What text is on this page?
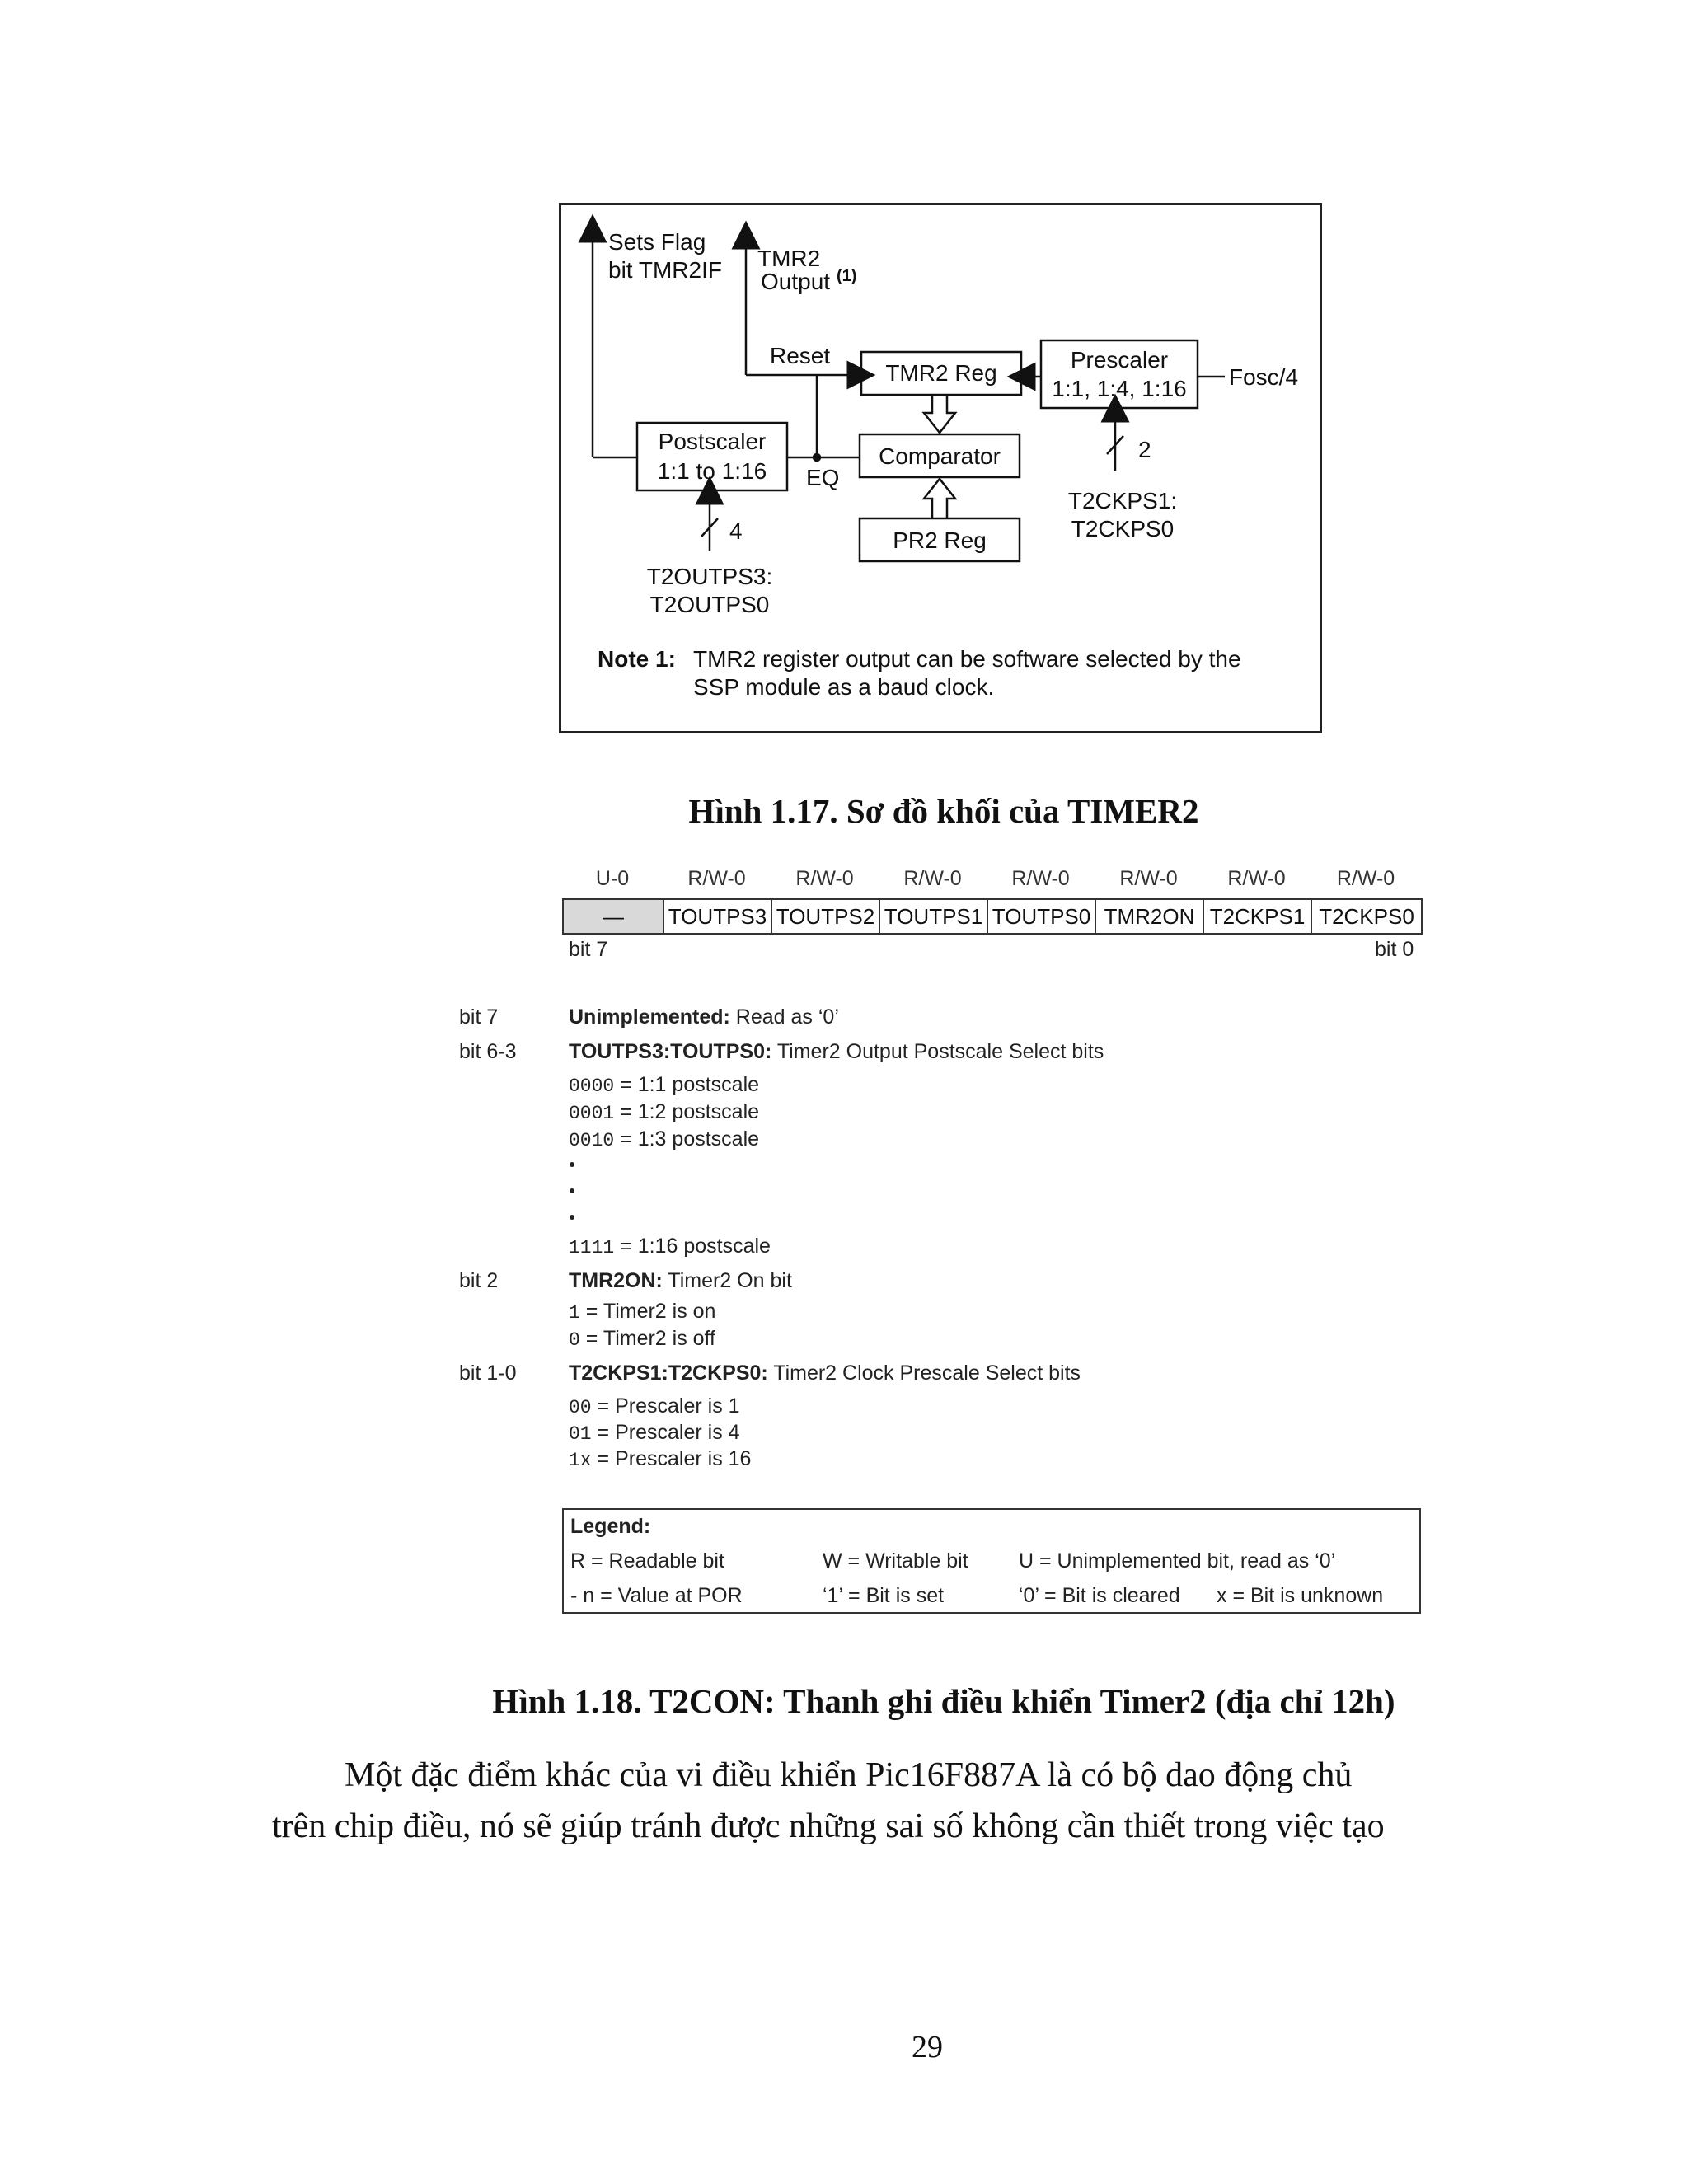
Sets Flag
bit TMR2IF TMR2
Output (1)
Reset
TMR2 Reg
Prescaler
1:1, 1:4, 1:16 Fosc/4
Postscaler
1:1 to 1:16 EQ
Comparator
PR2 Reg
2
4
T2CKPS1:
T2CKPS0
T2OUTPS3:
T2OUTPS0
Note 1: TMR2 register output can be software selected by the
SSP module as a baud clock.
Hình 1.17. Sơ đồ khối của TIMER2
U-0	R/W-0	R/W-0	R/W-0	R/W-0	R/W-0	R/W-0	R/W-0
—	TOUTPS3	TOUTPS2	TOUTPS1	TOUTPS0	TMR2ON	T2CKPS1	T2CKPS0
bit 7	bit 0
bit 7	Unimplemented: Read as ‘0’
bit 6-3	TOUTPS3:TOUTPS0: Timer2 Output Postscale Select bits
0000 = 1:1 postscale
0001 = 1:2 postscale
0010 = 1:3 postscale
1111 = 1:16 postscale
bit 2	TMR2ON: Timer2 On bit
1 = Timer2 is on
0 = Timer2 is off
bit 1-0	T2CKPS1:T2CKPS0: Timer2 Clock Prescale Select bits
00 = Prescaler is 1
01 = Prescaler is 4
1x = Prescaler is 16
Legend:
R = Readable bit	W = Writable bit U = Unimplemented bit, read as ‘0’
- n = Value at POR	‘1’ = Bit is set	‘0’ = Bit is cleared x = Bit is unknown
Hình 1.18. T2CON: Thanh ghi điều khiển Timer2 (địa chỉ 12h)
Một đặc điểm khác của vi điều khiển Pic16F887A là có bộ dao động chủ
trên chip điều, nó sẽ giúp tránh được những sai số không cần thiết trong việc tạo
29
